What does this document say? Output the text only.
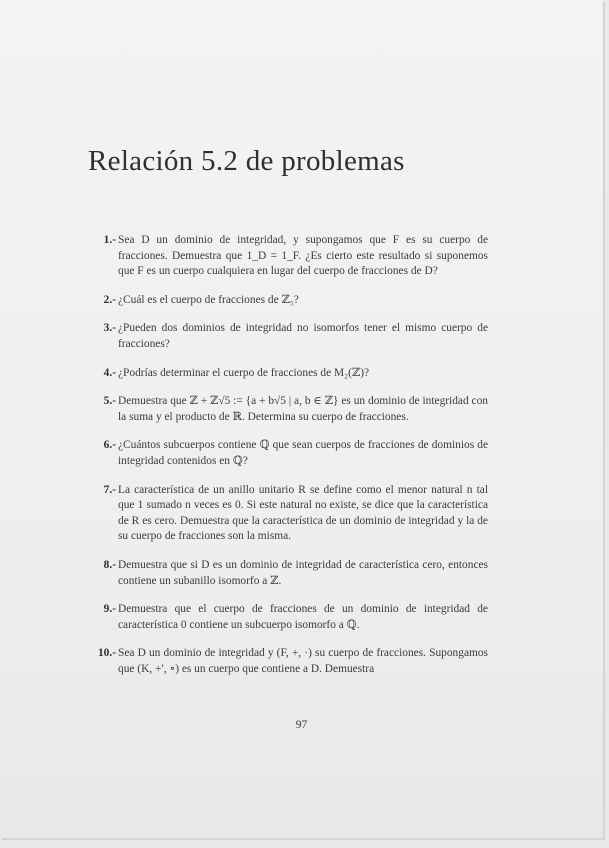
Relación 5.2 de problemas
1.- Sea D un dominio de integridad, y supongamos que F es su cuerpo de fracciones. Demuestra que 1_D = 1_F. ¿Es cierto este resultado si suponemos que F es un cuerpo cualquiera en lugar del cuerpo de fracciones de D?
2.- ¿Cuál es el cuerpo de fracciones de ℤ₅?
3.- ¿Pueden dos dominios de integridad no isomorfos tener el mismo cuerpo de fracciones?
4.- ¿Podrías determinar el cuerpo de fracciones de M₂(ℤ)?
5.- Demuestra que ℤ + ℤ√5 := {a + b√5 | a, b ∈ ℤ} es un dominio de integridad con la suma y el producto de ℝ. Determina su cuerpo de fracciones.
6.- ¿Cuántos subcuerpos contiene ℚ que sean cuerpos de fracciones de dominios de integridad contenidos en ℚ?
7.- La característica de un anillo unitario R se define como el menor natural n tal que 1 sumado n veces es 0. Si este natural no existe, se dice que la característica de R es cero. Demuestra que la característica de un dominio de integridad y la de su cuerpo de fracciones son la misma.
8.- Demuestra que si D es un dominio de integridad de característica cero, entonces contiene un subanillo isomorfo a ℤ.
9.- Demuestra que el cuerpo de fracciones de un dominio de integridad de característica 0 contiene un subcuerpo isomorfo a ℚ.
10.- Sea D un dominio de integridad y (F, +, ·) su cuerpo de fracciones. Supongamos que (K, +′, ∘) es un cuerpo que contiene a D. Demuestra
97
